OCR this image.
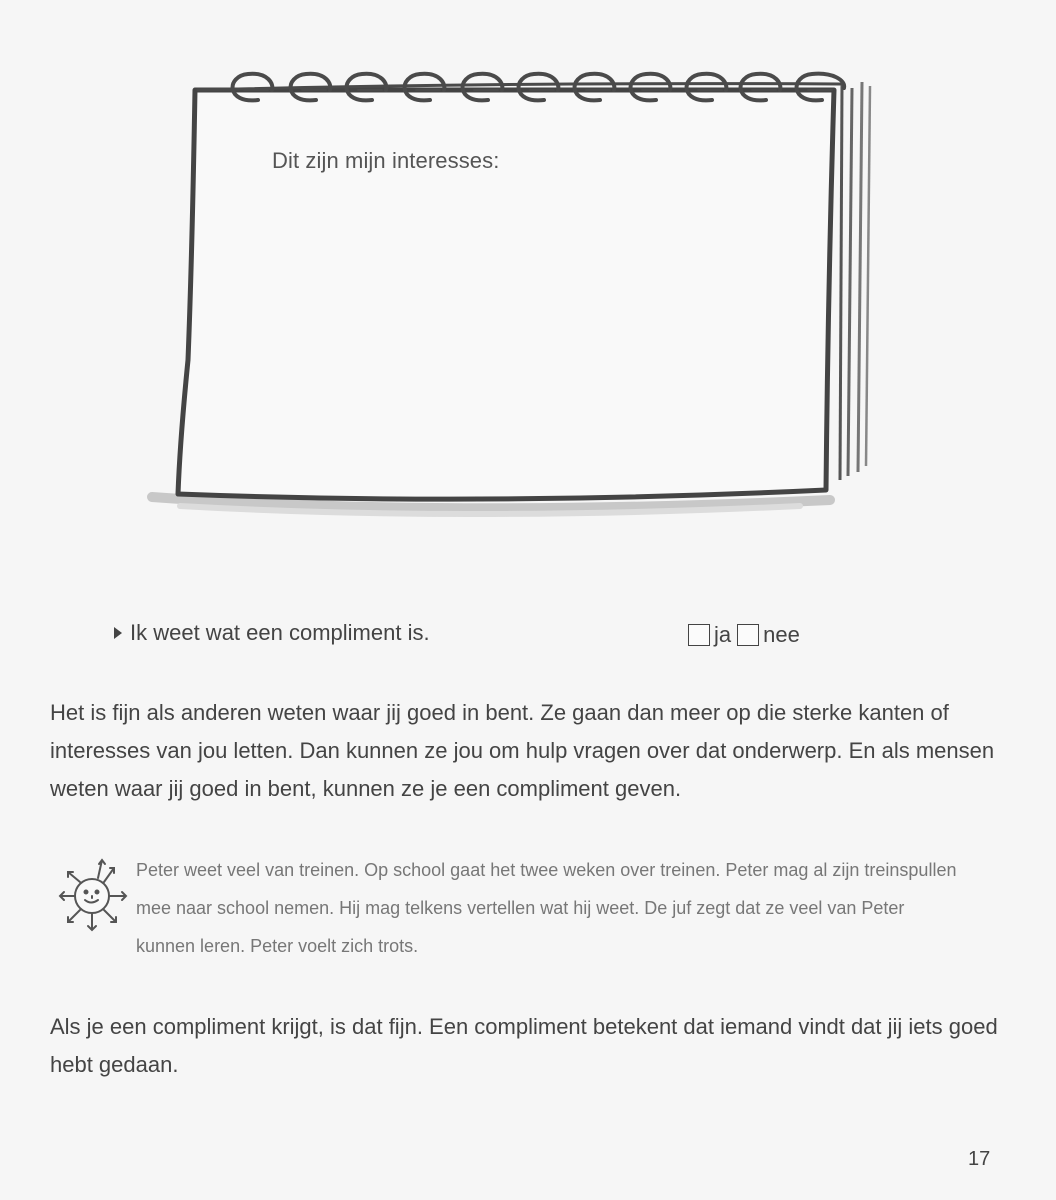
Dit zijn mijn interesses:
Ik weet wat een compliment is.	ja nee
Het is fijn als anderen weten waar jij goed in bent. Ze gaan dan meer op die sterke kanten of interesses van jou letten. Dan kunnen ze jou om hulp vragen over dat onderwerp. En als mensen weten waar jij goed in bent, kunnen ze je een compliment geven.
Peter weet veel van treinen. Op school gaat het twee weken over treinen. Peter mag al zijn treinspullen mee naar school nemen. Hij mag telkens vertellen wat hij weet. De juf zegt dat ze veel van Peter kunnen leren. Peter voelt zich trots.
Als je een compliment krijgt, is dat fijn. Een compliment betekent dat iemand vindt dat jij iets goed hebt gedaan.
17
